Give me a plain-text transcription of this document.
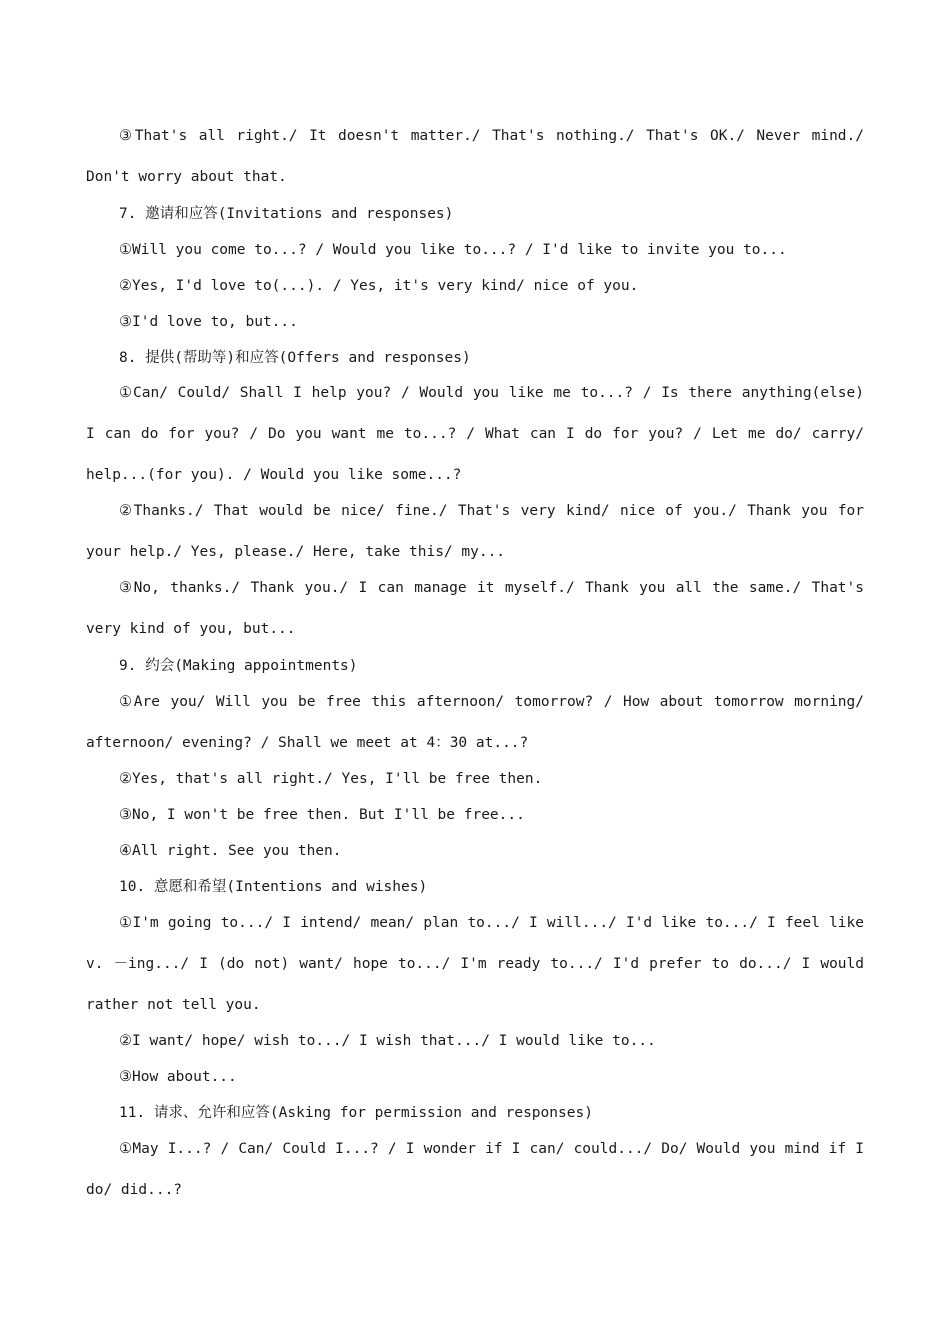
③That's all right./ It doesn't matter./ That's nothing./ That's OK./ Never mind./ Don't worry about that.

7. 邀请和应答(Invitations and responses)

①Will you come to...? / Would you like to...? / I'd like to invite you to...

②Yes, I'd love to(...). / Yes, it's very kind/ nice of you.

③I'd love to, but...

8. 提供(帮助等)和应答(Offers and responses)

①Can/ Could/ Shall I help you? / Would you like me to...? / Is there anything(else) I can do for you? / Do you want me to...? / What can I do for you? / Let me do/ carry/ help...(for you). / Would you like some...?

②Thanks./ That would be nice/ fine./ That's very kind/ nice of you./ Thank you for your help./ Yes, please./ Here, take this/ my...

③No, thanks./ Thank you./ I can manage it myself./ Thank you all the same./ That's very kind of you, but...

9. 约会(Making appointments)

①Are you/ Will you be free this afternoon/ tomorrow? / How about tomorrow morning/ afternoon/ evening? / Shall we meet at 4：30 at...?

②Yes, that's all right./ Yes, I'll be free then.

③No, I won't be free then. But I'll be free...

④All right. See you then.

10. 意愿和希望(Intentions and wishes)

①I'm going to.../ I intend/ mean/ plan to.../ I will.../ I'd like to.../ I feel like v. －ing.../ I (do not) want/ hope to.../ I'm ready to.../ I'd prefer to do.../ I would rather not tell you.

②I want/ hope/ wish to.../ I wish that.../ I would like to...

③How about...

11. 请求、允许和应答(Asking for permission and responses)

①May I...? / Can/ Could I...? / I wonder if I can/ could.../ Do/ Would you mind if I do/ did...?
